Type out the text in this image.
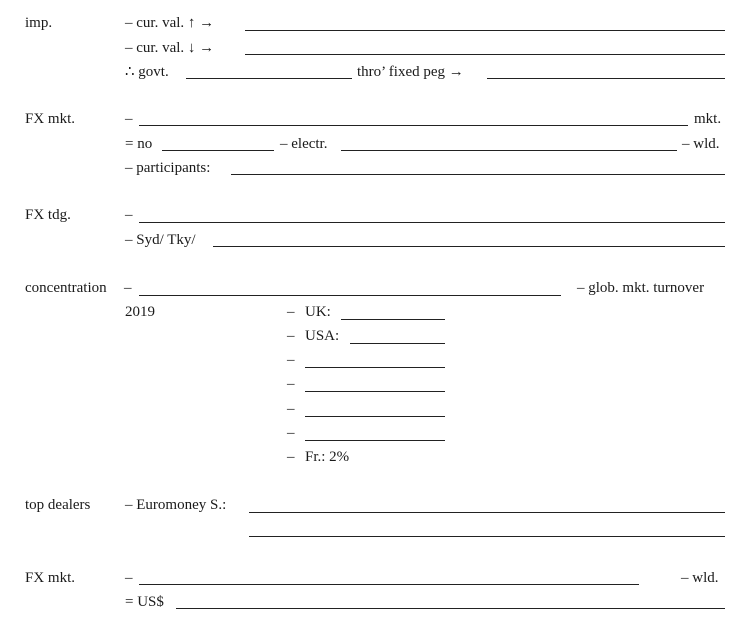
imp.	– cur. val. ↑ →
– cur. val. ↓ →
∴ govt.	thro’ fixed peg →
FX mkt.	–	mkt.
= no	– electr.	– wld.
– participants:
FX tdg.	–
– Syd/ Tky/
concentration –	– glob. mkt. turnover
2019	– UK:
– USA:
–
–
–
–
– Fr.: 2%
top dealers – Euromoney S.:
FX mkt.	–	– wld.
= US$
